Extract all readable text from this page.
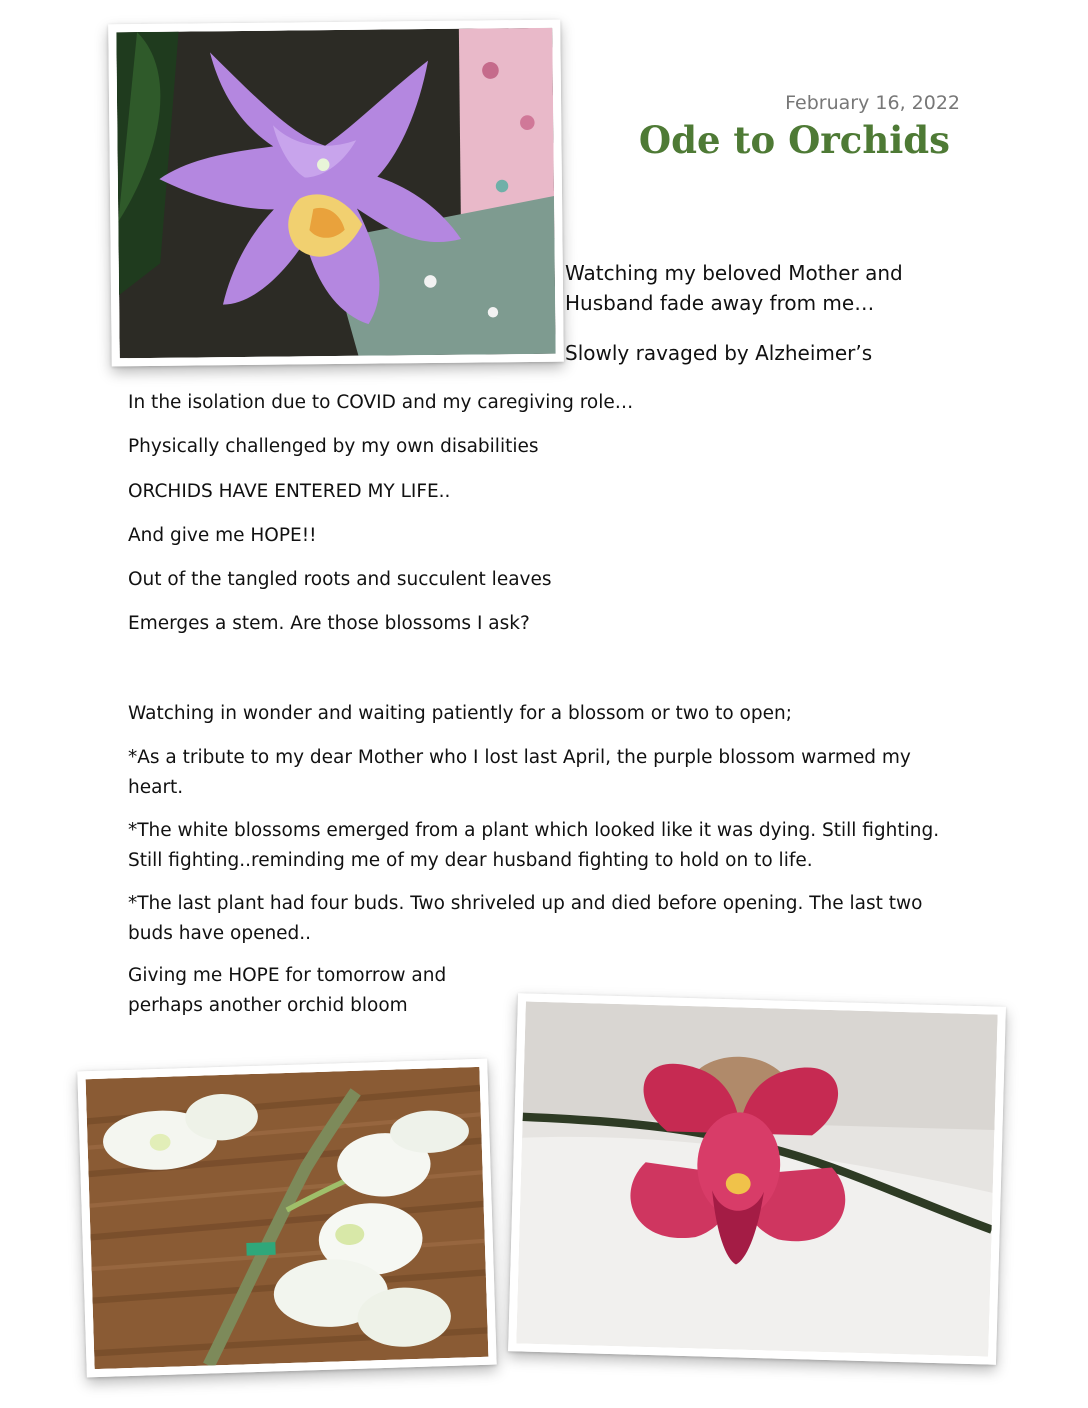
February 16, 2022
Ode to Orchids

Watching my beloved Mother and Husband fade away from me…

Slowly ravaged by Alzheimer’s

In the isolation due to COVID and my caregiving role…

Physically challenged by my own disabilities

ORCHIDS HAVE ENTERED MY LIFE..

And give me HOPE!!

Out of the tangled roots and succulent leaves

Emerges a stem. Are those blossoms I ask?

Watching in wonder and waiting patiently for a blossom or two to open;

*As a tribute to my dear Mother who I lost last April, the purple blossom warmed my heart.

*The white blossoms emerged from a plant which looked like it was dying. Still fighting. Still fighting..reminding me of my dear husband fighting to hold on to life.

*The last plant had four buds. Two shriveled up and died before opening. The last two buds have opened..

Giving me HOPE for tomorrow and perhaps another orchid bloom
